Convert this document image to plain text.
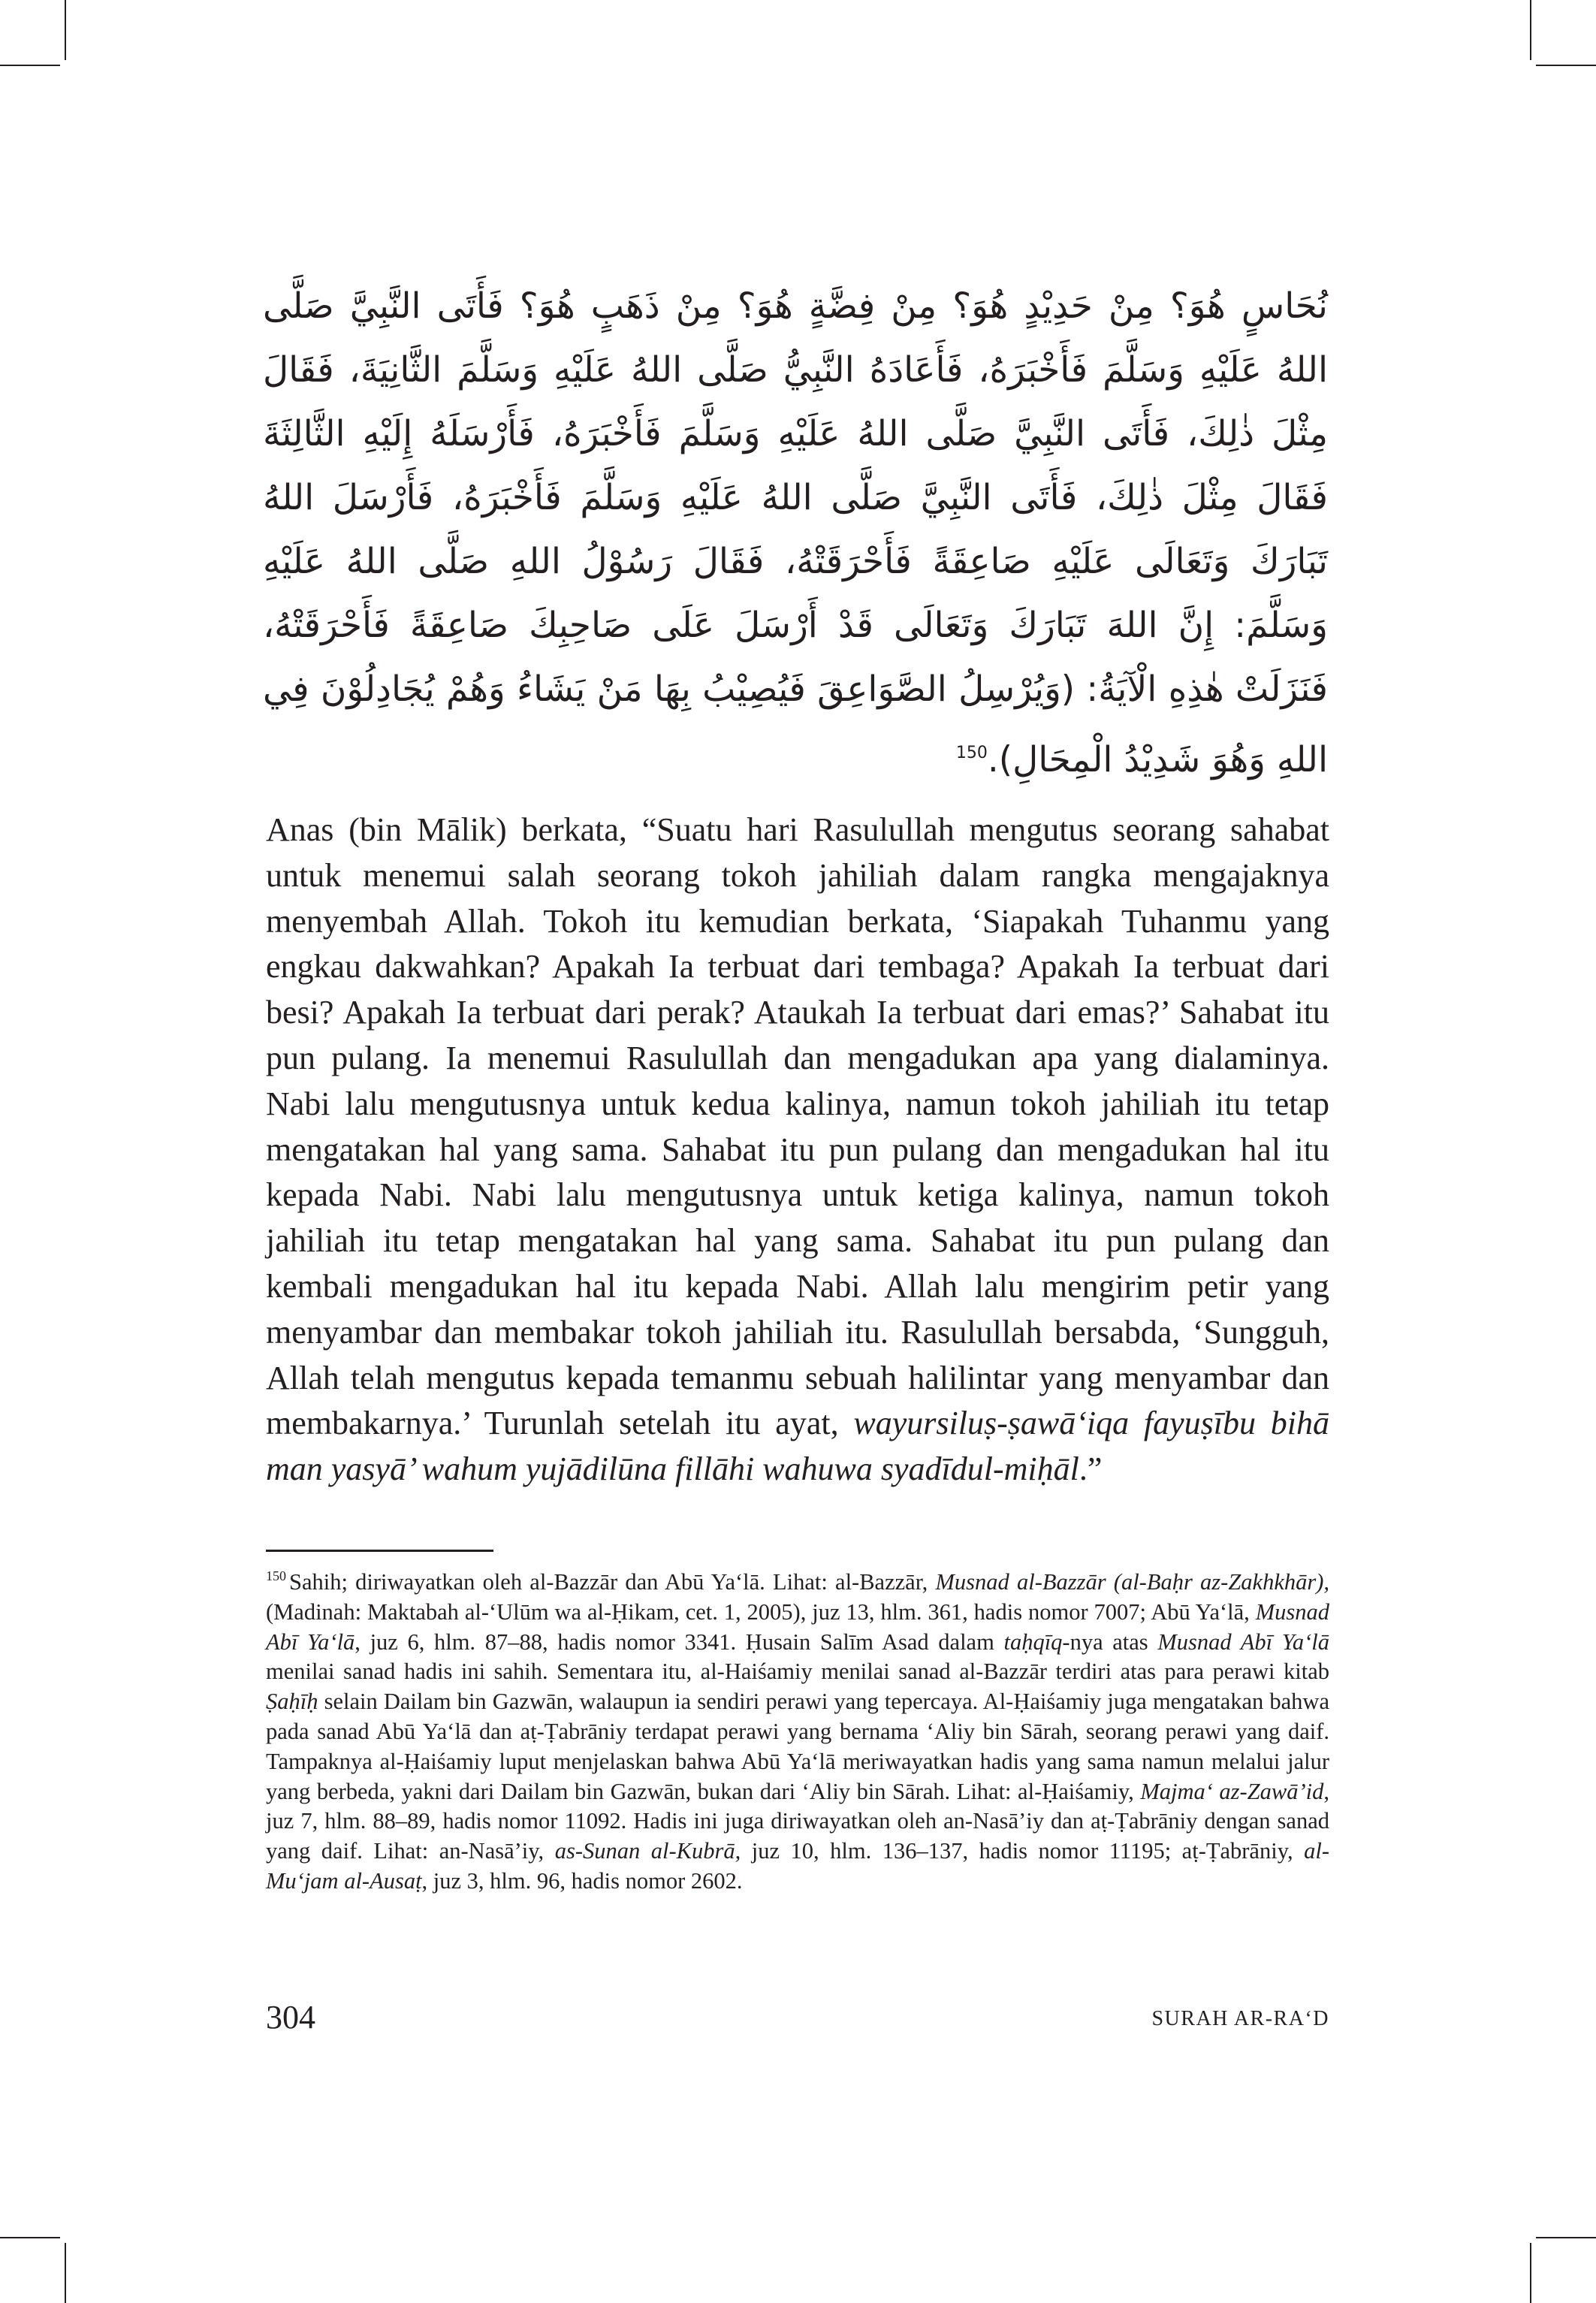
نُحَاسٍ هُوَ؟ مِنْ حَدِيْدٍ هُوَ؟ مِنْ فِضَّةٍ هُوَ؟ مِنْ ذَهَبٍ هُوَ؟ فَأَتَى النَّبِيَّ صَلَّى اللهُ عَلَيْهِ وَسَلَّمَ فَأَخْبَرَهُ، فَأَعَادَهُ النَّبِيُّ صَلَّى اللهُ عَلَيْهِ وَسَلَّمَ الثَّانِيَةَ، فَقَالَ مِثْلَ ذٰلِكَ، فَأَتَى النَّبِيَّ صَلَّى اللهُ عَلَيْهِ وَسَلَّمَ فَأَخْبَرَهُ، فَأَرْسَلَهُ إِلَيْهِ الثَّالِثَةَ فَقَالَ مِثْلَ ذٰلِكَ، فَأَتَى النَّبِيَّ صَلَّى اللهُ عَلَيْهِ وَسَلَّمَ فَأَخْبَرَهُ، فَأَرْسَلَ اللهُ تَبَارَكَ وَتَعَالَى عَلَيْهِ صَاعِقَةً فَأَحْرَقَتْهُ، فَقَالَ رَسُوْلُ اللهِ صَلَّى اللهُ عَلَيْهِ وَسَلَّمَ: إِنَّ اللهَ تَبَارَكَ وَتَعَالَى قَدْ أَرْسَلَ عَلَى صَاحِبِكَ صَاعِقَةً فَأَحْرَقَتْهُ، فَنَزَلَتْ هٰذِهِ الْآيَةُ: (وَيُرْسِلُ الصَّوَاعِقَ فَيُصِيْبُ بِهَا مَنْ يَشَاءُ وَهُمْ يُجَادِلُوْنَ فِي اللهِ وَهُوَ شَدِيْدُ الْمِحَالِ).$^{150}$
Anas (bin Mālik) berkata, “Suatu hari Rasulullah mengutus seorang sahabat untuk menemui salah seorang tokoh jahiliah dalam rangka mengajaknya menyembah Allah. Tokoh itu kemudian berkata, ‘Siapakah Tuhanmu yang engkau dakwahkan? Apakah Ia terbuat dari tembaga? Apakah Ia terbuat dari besi? Apakah Ia terbuat dari perak? Ataukah Ia terbuat dari emas?’ Sahabat itu pun pulang. Ia menemui Rasulullah dan mengadukan apa yang dialaminya. Nabi lalu mengutusnya untuk kedua kalinya, namun tokoh jahiliah itu tetap mengatakan hal yang sama. Sahabat itu pun pulang dan mengadukan hal itu kepada Nabi. Nabi lalu mengutusnya untuk ketiga kalinya, namun tokoh jahiliah itu tetap mengatakan hal yang sama. Sahabat itu pun pulang dan kembali mengadukan hal itu kepada Nabi. Allah lalu mengirim petir yang menyambar dan membakar tokoh jahiliah itu. Rasulullah bersabda, ‘Sungguh, Allah telah mengutus kepada temanmu sebuah halilintar yang menyambar dan membakarnya.’ Turunlah setelah itu ayat, wayursiluṣ-ṣawā‘iqa fayuṣību bihā man yasyā’ wahum yujādilūna fillāhi wahuwa syadīdul-miḥāl.”
$^{150}$ Sahih; diriwayatkan oleh al-Bazzār dan Abū Ya‘lā. Lihat: al-Bazzār, Musnad al-Bazzār (al-Baḥr az-Zakhkhār), (Madinah: Maktabah al-‘Ulūm wa al-Ḥikam, cet. 1, 2005), juz 13, hlm. 361, hadis nomor 7007; Abū Ya‘lā, Musnad Abī Ya‘lā, juz 6, hlm. 87–88, hadis nomor 3341. Ḥusain Salīm Asad dalam taḥqīq-nya atas Musnad Abī Ya‘lā menilai sanad hadis ini sahih. Sementara itu, al-Haiśamiy menilai sanad al-Bazzār terdiri atas para perawi kitab Ṣaḥīḥ selain Dailam bin Gazwān, walaupun ia sendiri perawi yang tepercaya. Al-Ḥaiśamiy juga mengatakan bahwa pada sanad Abū Ya‘lā dan aṭ-Ṭabrāniy terdapat perawi yang bernama ‘Aliy bin Sārah, seorang perawi yang daif. Tampaknya al-Ḥaiśamiy luput menjelaskan bahwa Abū Ya‘lā meriwayatkan hadis yang sama namun melalui jalur yang berbeda, yakni dari Dailam bin Gazwān, bukan dari ‘Aliy bin Sārah. Lihat: al-Ḥaiśamiy, Majma‘ az-Zawā’id, juz 7, hlm. 88–89, hadis nomor 11092. Hadis ini juga diriwayatkan oleh an-Nasā’iy dan aṭ-Ṭabrāniy dengan sanad yang daif. Lihat: an-Nasā’iy, as-Sunan al-Kubrā, juz 10, hlm. 136–137, hadis nomor 11195; aṭ-Ṭabrāniy, al-Mu‘jam al-Ausaṭ, juz 3, hlm. 96, hadis nomor 2602.
304	SURAH AR-RA‘D
